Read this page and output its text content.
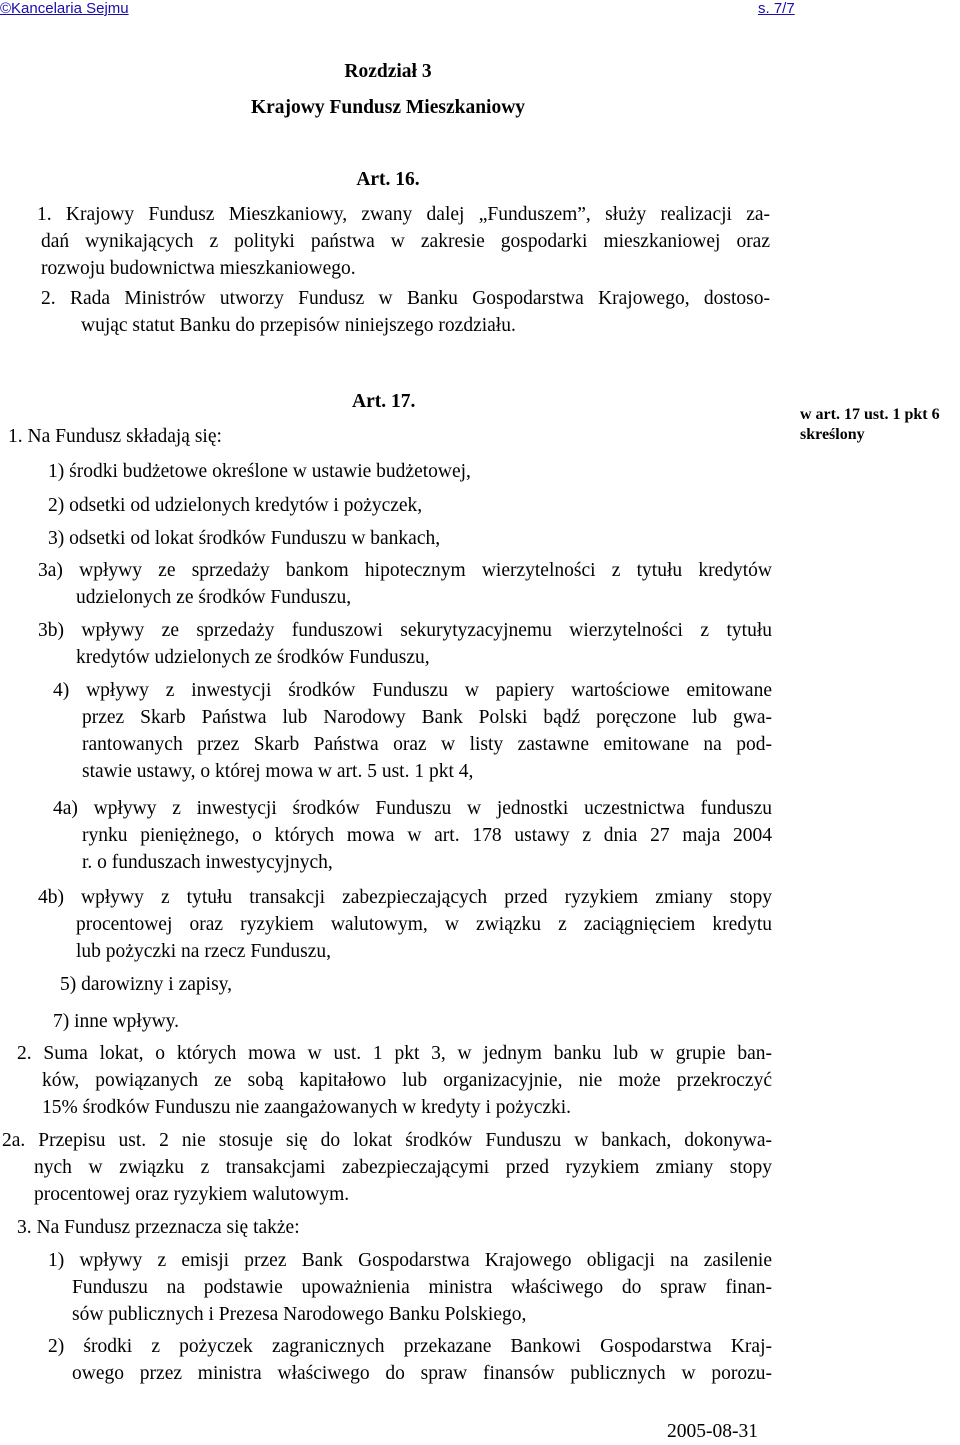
©Kancelaria Sejmu	s. 7/7
Rozdział 3
Krajowy Fundusz Mieszkaniowy
Art. 16.
1. Krajowy Fundusz Mieszkaniowy, zwany dalej „Funduszem”, służy realizacji za-
dań wynikających z polityki państwa w zakresie gospodarki mieszkaniowej oraz
rozwoju budownictwa mieszkaniowego.
2. Rada Ministrów utworzy Fundusz w Banku Gospodarstwa Krajowego, dostoso-
wując statut Banku do przepisów niniejszego rozdziału.
Art. 17.
w art. 17 ust. 1 pkt 6
skreślony
1. Na Fundusz składają się:
1) środki budżetowe określone w ustawie budżetowej,
2) odsetki od udzielonych kredytów i pożyczek,
3) odsetki od lokat środków Funduszu w bankach,
3a) wpływy ze sprzedaży bankom hipotecznym wierzytelności z tytułu kredytów
udzielonych ze środków Funduszu,
3b) wpływy ze sprzedaży funduszowi sekurytyzacyjnemu wierzytelności z tytułu
kredytów udzielonych ze środków Funduszu,
4) wpływy z inwestycji środków Funduszu w papiery wartościowe emitowane
przez Skarb Państwa lub Narodowy Bank Polski bądź poręczone lub gwa-
rantowanych przez Skarb Państwa oraz w listy zastawne emitowane na pod-
stawie ustawy, o której mowa w art. 5 ust. 1 pkt 4,
4a) wpływy z inwestycji środków Funduszu w jednostki uczestnictwa funduszu
rynku pieniężnego, o których mowa w art. 178 ustawy z dnia 27 maja 2004
r. o funduszach inwestycyjnych,
4b) wpływy z tytułu transakcji zabezpieczających przed ryzykiem zmiany stopy
procentowej oraz ryzykiem walutowym, w związku z zaciągnięciem kredytu
lub pożyczki na rzecz Funduszu,
5) darowizny i zapisy,
7) inne wpływy.
2. Suma lokat, o których mowa w ust. 1 pkt 3, w jednym banku lub w grupie ban-
ków, powiązanych ze sobą kapitałowo lub organizacyjnie, nie może przekroczyć
15% środków Funduszu nie zaangażowanych w kredyty i pożyczki.
2a. Przepisu ust. 2 nie stosuje się do lokat środków Funduszu w bankach, dokonywa-
nych w związku z transakcjami zabezpieczającymi przed ryzykiem zmiany stopy
procentowej oraz ryzykiem walutowym.
3. Na Fundusz przeznacza się także:
1) wpływy z emisji przez Bank Gospodarstwa Krajowego obligacji na zasilenie
Funduszu na podstawie upoważnienia ministra właściwego do spraw finan-
sów publicznych i Prezesa Narodowego Banku Polskiego,
2) środki z pożyczek zagranicznych przekazane Bankowi Gospodarstwa Kraj-
owego przez ministra właściwego do spraw finansów publicznych w porozu-
2005-08-31
